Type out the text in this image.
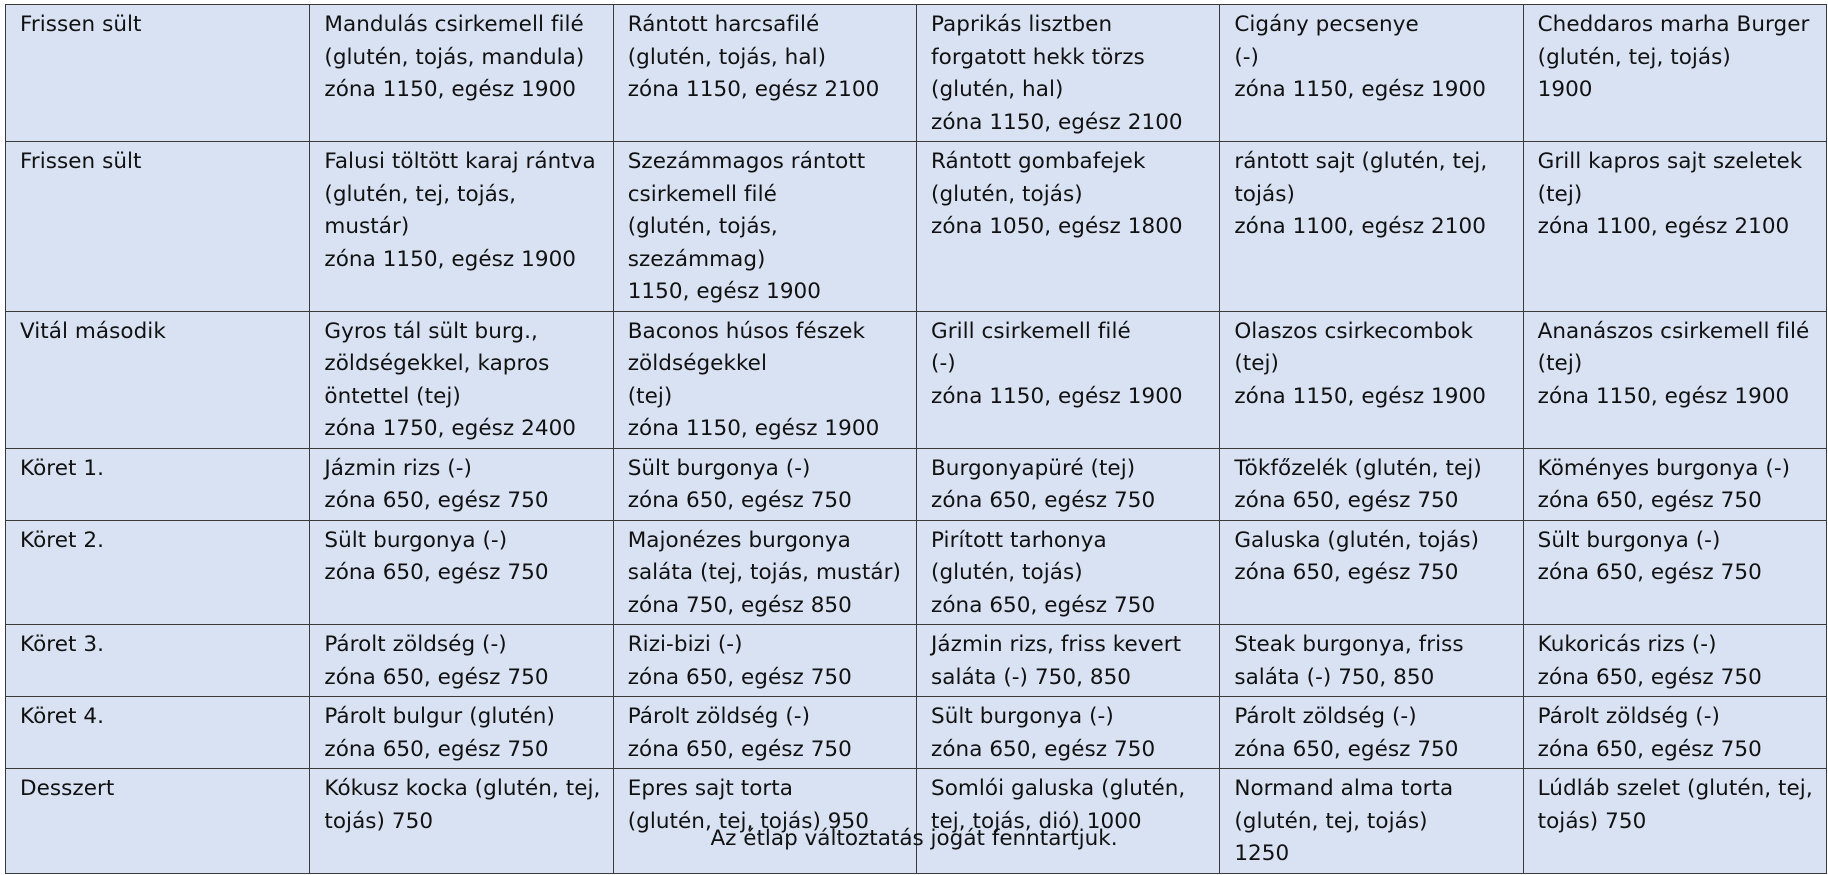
Frissen sült	Mandulás csirkemell filé
(glutén, tojás, mandula)
zóna 1150, egész 1900	Rántott harcsafilé
(glutén, tojás, hal)
zóna 1150, egész 2100	Paprikás lisztben
forgatott hekk törzs
(glutén, hal)
zóna 1150, egész 2100	Cigány pecsenye
(-)
zóna 1150, egész 1900	Cheddaros marha Burger
(glutén, tej, tojás)
1900

Frissen sült	Falusi töltött karaj rántva
(glutén, tej, tojás,
mustár)
zóna 1150, egész 1900	Szezámmagos rántott
csirkemell filé
(glutén, tojás,
szezámmag)
1150, egész 1900	Rántott gombafejek
(glutén, tojás)
zóna 1050, egész 1800	rántott sajt (glutén, tej,
tojás)
zóna 1100, egész 2100	Grill kapros sajt szeletek
(tej)
zóna 1100, egész 2100

Vitál második	Gyros tál sült burg.,
zöldségekkel, kapros
öntettel (tej)
zóna 1750, egész 2400	Baconos húsos fészek
zöldségekkel
(tej)
zóna 1150, egész 1900	Grill csirkemell filé
(-)
zóna 1150, egész 1900	Olaszos csirkecombok
(tej)
zóna 1150, egész 1900	Ananászos csirkemell filé
(tej)
zóna 1150, egész 1900

Köret 1.	Jázmin rizs (-)
zóna 650, egész 750	Sült burgonya (-)
zóna 650, egész 750	Burgonyapüré (tej)
zóna 650, egész 750	Tökfőzelék (glutén, tej)
zóna 650, egész 750	Köményes burgonya (-)
zóna 650, egész 750

Köret 2.	Sült burgonya (-)
zóna 650, egész 750	Majonézes burgonya
saláta (tej, tojás, mustár)
zóna 750, egész 850	Pirított tarhonya
(glutén, tojás)
zóna 650, egész 750	Galuska (glutén, tojás)
zóna 650, egész 750	Sült burgonya (-)
zóna 650, egész 750

Köret 3.	Párolt zöldség (-)
zóna 650, egész 750	Rizi-bizi (-)
zóna 650, egész 750	Jázmin rizs, friss kevert
saláta (-) 750, 850	Steak burgonya, friss
saláta (-) 750, 850	Kukoricás rizs (-)
zóna 650, egész 750

Köret 4.	Párolt bulgur (glutén)
zóna 650, egész 750	Párolt zöldség (-)
zóna 650, egész 750	Sült burgonya (-)
zóna 650, egész 750	Párolt zöldség (-)
zóna 650, egész 750	Párolt zöldség (-)
zóna 650, egész 750

Desszert	Kókusz kocka (glutén, tej,
tojás) 750	Epres sajt torta
(glutén, tej, tojás) 950	Somlói galuska (glutén,
tej, tojás, dió) 1000	Normand alma torta
(glutén, tej, tojás)
1250	Lúdláb szelet (glutén, tej,
tojás) 750
Az étlap változtatás jogát fenntartjuk.
